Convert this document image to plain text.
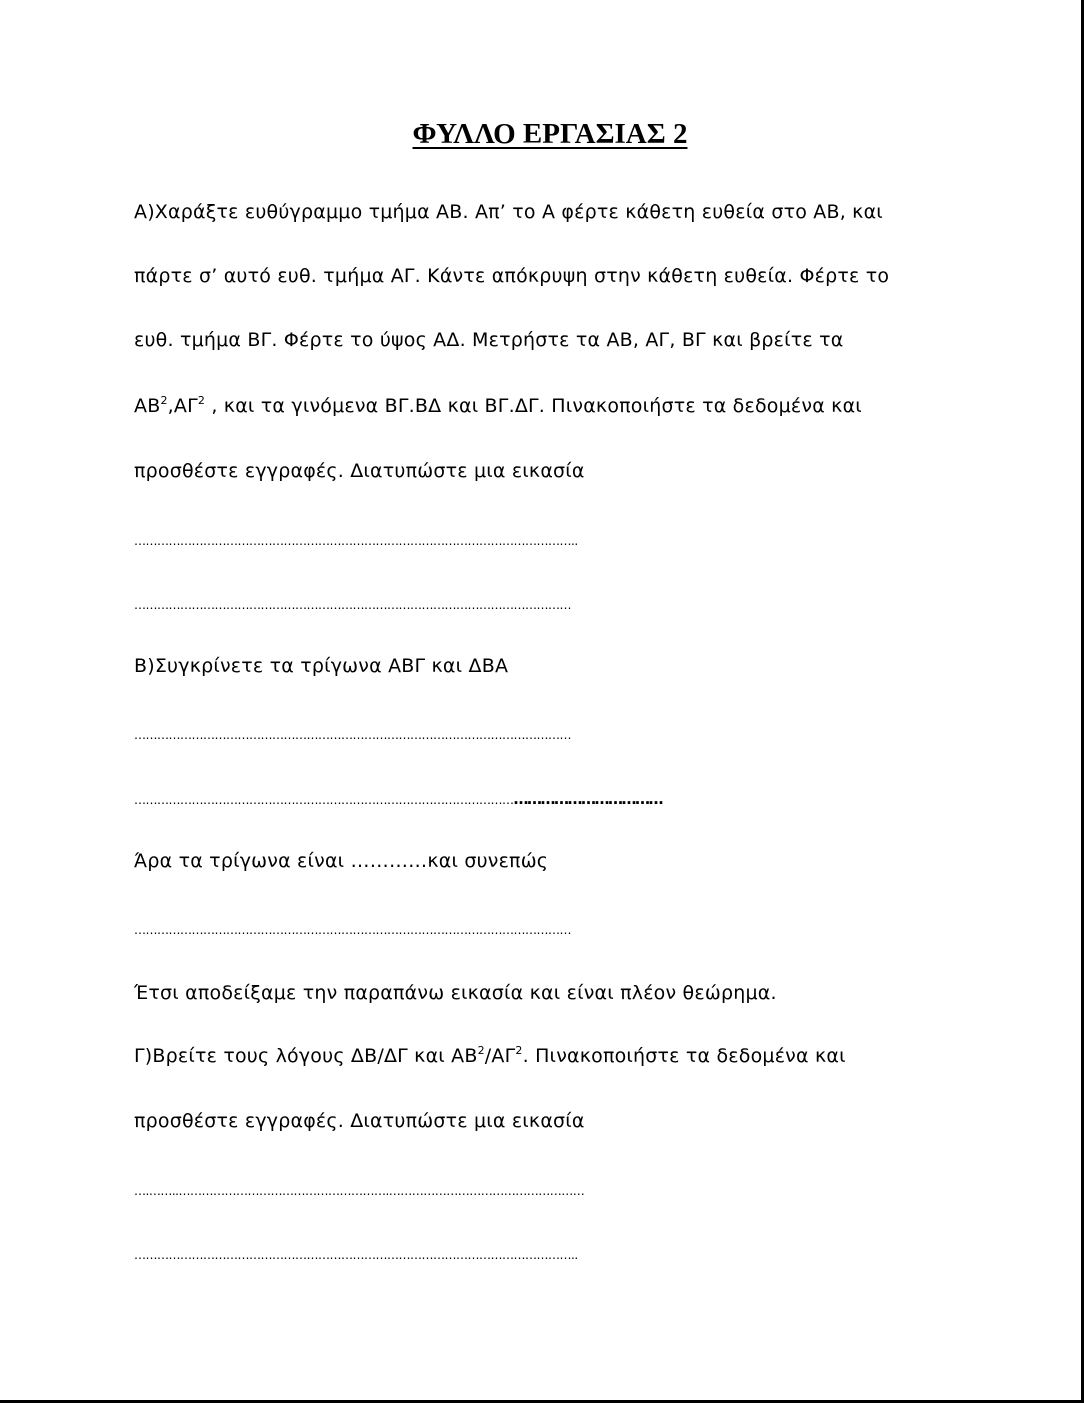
ΦΥΛΛΟ ΕΡΓΑΣΙΑΣ 2
Α)Χαράξτε ευθύγραμμο τμήμα ΑΒ. Απ’ το Α φέρτε κάθετη ευθεία στο ΑΒ, και
πάρτε σ’ αυτό ευθ. τμήμα ΑΓ. Κάντε απόκρυψη στην κάθετη ευθεία. Φέρτε το
ευθ. τμήμα ΒΓ. Φέρτε το ύψος ΑΔ. Μετρήστε τα ΑΒ, ΑΓ, ΒΓ και βρείτε τα
$AB^2,A\Gamma^2$ , και τα γινόμενα ΒΓ.ΒΔ και ΒΓ.ΔΓ. Πινακοποιήστε τα δεδομένα και
προσθέστε εγγραφές. Διατυπώστε μια εικασία
……………………………………………………………………………………………………..
……………………………………………………………………………………………………
Β)Συγκρίνετε τα τρίγωνα ΑΒΓ και ΔΒΑ
……………………………………………………………………………………………………
……………………………………………………………………………………………………………………
Άρα τα τρίγωνα είναι …………και συνεπώς
……………………………………………………………………………………………………
Έτσι αποδείξαμε την παραπάνω εικασία και είναι πλέον θεώρημα.
Γ)Βρείτε τους λόγους ΔΒ/ΔΓ και $AB^2/A\Gamma^2$. Πινακοποιήστε τα δεδομένα και
προσθέστε εγγραφές. Διατυπώστε μια εικασία
….……..……………………………………………….……………………………………………
……………………………………………………………………………………………………..
